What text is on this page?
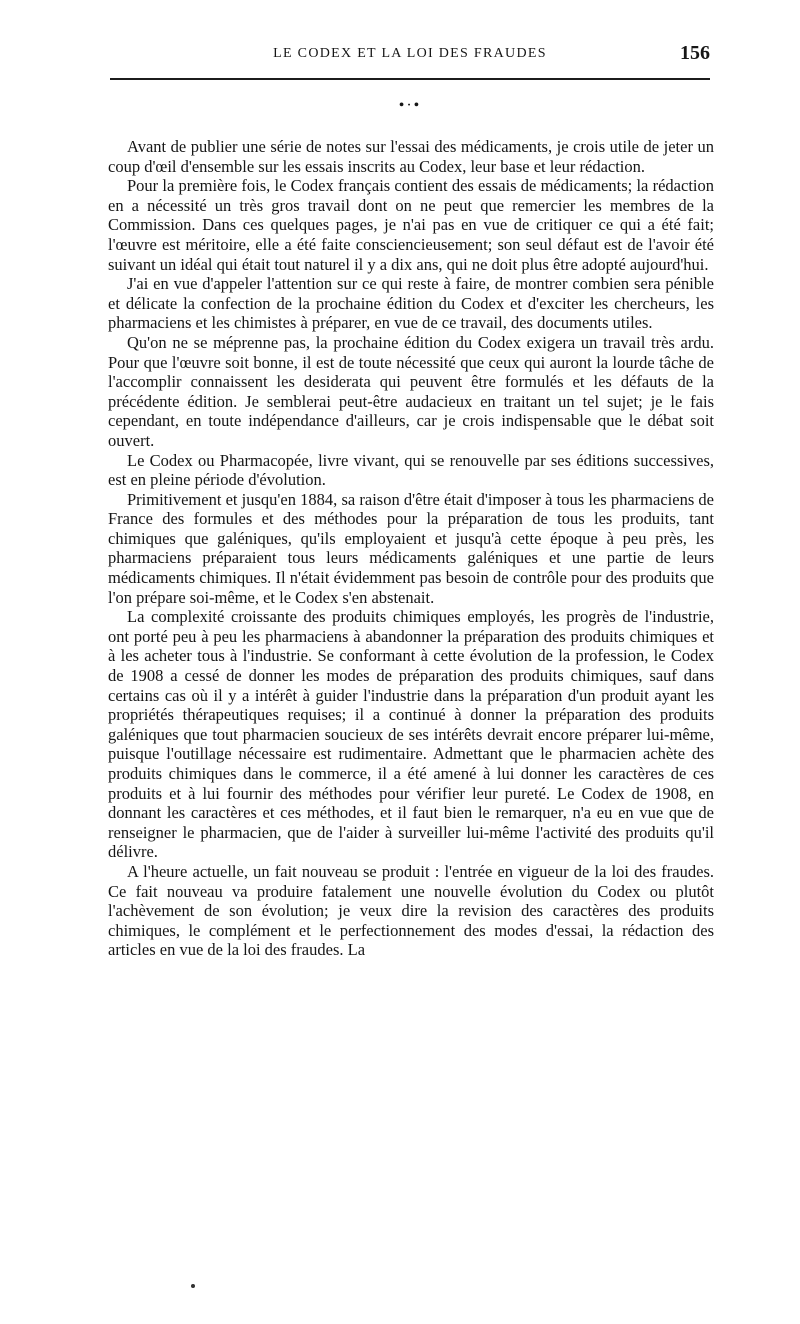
LE CODEX ET LA LOI DES FRAUDES	156
•·•

Avant de publier une série de notes sur l'essai des médicaments, je crois utile de jeter un coup d'œil d'ensemble sur les essais inscrits au Codex, leur base et leur rédaction.

Pour la première fois, le Codex français contient des essais de médicaments; la rédaction en a nécessité un très gros travail dont on ne peut que remercier les membres de la Commission. Dans ces quelques pages, je n'ai pas en vue de critiquer ce qui a été fait; l'œuvre est méritoire, elle a été faite consciencieusement; son seul défaut est de l'avoir été suivant un idéal qui était tout naturel il y a dix ans, qui ne doit plus être adopté aujourd'hui.

J'ai en vue d'appeler l'attention sur ce qui reste à faire, de montrer combien sera pénible et délicate la confection de la prochaine édition du Codex et d'exciter les chercheurs, les pharmaciens et les chimistes à préparer, en vue de ce travail, des documents utiles.

Qu'on ne se méprenne pas, la prochaine édition du Codex exigera un travail très ardu. Pour que l'œuvre soit bonne, il est de toute nécessité que ceux qui auront la lourde tâche de l'accomplir connaissent les desiderata qui peuvent être formulés et les défauts de la précédente édition. Je semblerai peut-être audacieux en traitant un tel sujet; je le fais cependant, en toute indépendance d'ailleurs, car je crois indispensable que le débat soit ouvert.

Le Codex ou Pharmacopée, livre vivant, qui se renouvelle par ses éditions successives, est en pleine période d'évolution.

Primitivement et jusqu'en 1884, sa raison d'être était d'imposer à tous les pharmaciens de France des formules et des méthodes pour la préparation de tous les produits, tant chimiques que galéniques, qu'ils employaient et jusqu'à cette époque à peu près, les pharmaciens préparaient tous leurs médicaments galéniques et une partie de leurs médicaments chimiques. Il n'était évidemment pas besoin de contrôle pour des produits que l'on prépare soi-même, et le Codex s'en abstenait.

La complexité croissante des produits chimiques employés, les progrès de l'industrie, ont porté peu à peu les pharmaciens à abandonner la préparation des produits chimiques et à les acheter tous à l'industrie. Se conformant à cette évolution de la profession, le Codex de 1908 a cessé de donner les modes de préparation des produits chimiques, sauf dans certains cas où il y a intérêt à guider l'industrie dans la préparation d'un produit ayant les propriétés thérapeutiques requises; il a continué à donner la préparation des produits galéniques que tout pharmacien soucieux de ses intérêts devrait encore préparer lui-même, puisque l'outillage nécessaire est rudimentaire. Admettant que le pharmacien achète des produits chimiques dans le commerce, il a été amené à lui donner les caractères de ces produits et à lui fournir des méthodes pour vérifier leur pureté. Le Codex de 1908, en donnant les caractères et ces méthodes, et il faut bien le remarquer, n'a eu en vue que de renseigner le pharmacien, que de l'aider à surveiller lui-même l'activité des produits qu'il délivre.

A l'heure actuelle, un fait nouveau se produit : l'entrée en vigueur de la loi des fraudes. Ce fait nouveau va produire fatalement une nouvelle évolution du Codex ou plutôt l'achèvement de son évolution; je veux dire la revision des caractères des produits chimiques, le complément et le perfectionnement des modes d'essai, la rédaction des articles en vue de la loi des fraudes. La
